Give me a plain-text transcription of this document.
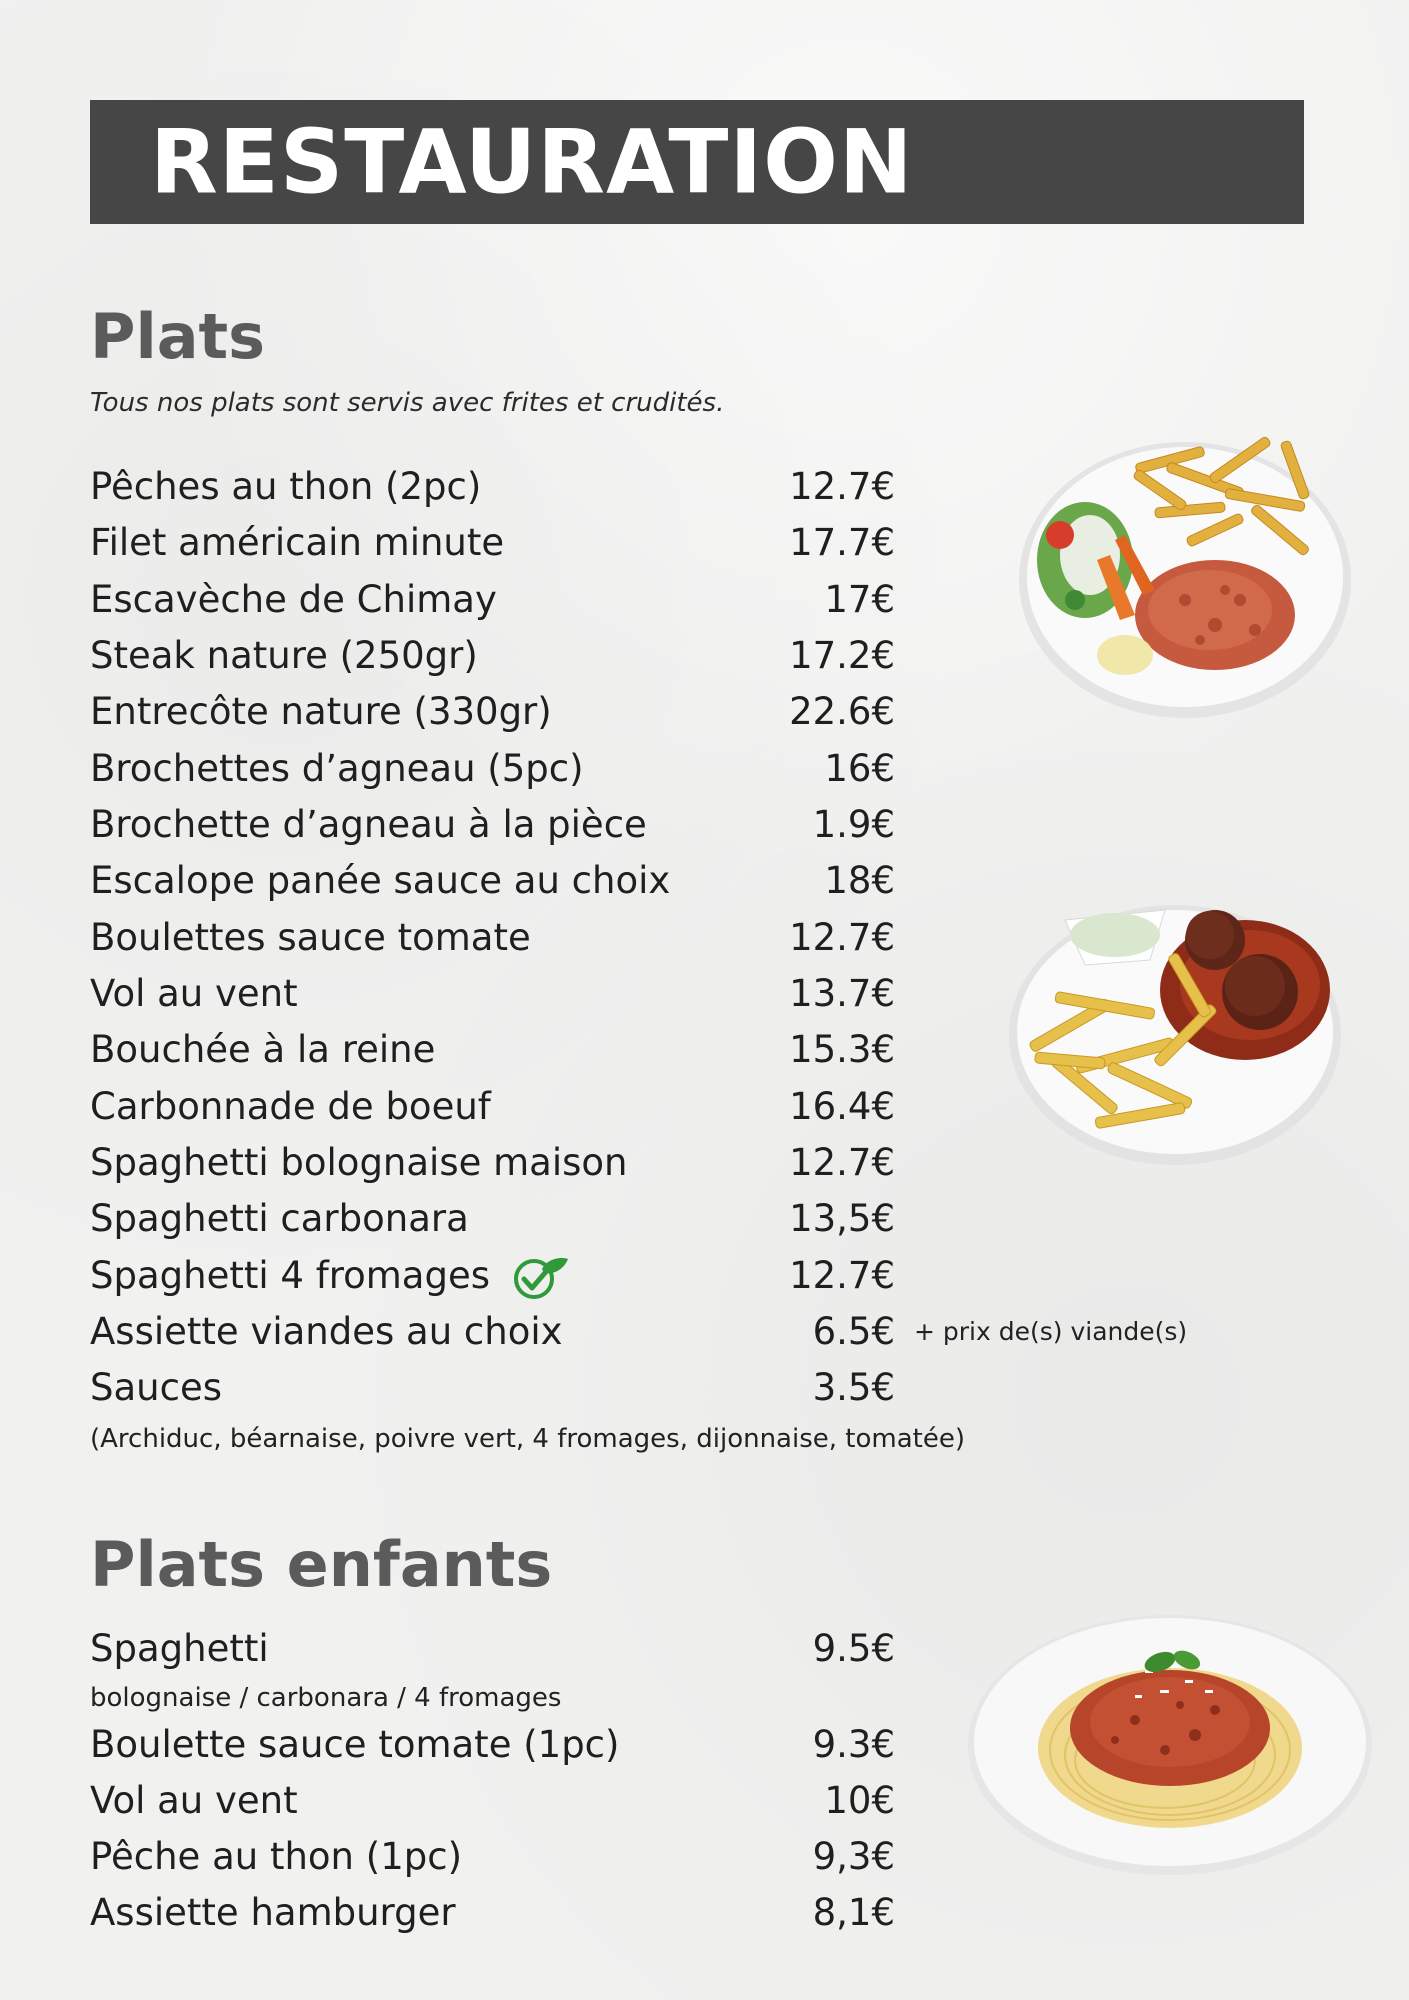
RESTAURATION
Plats
Tous nos plats sont servis avec frites et crudités.
Pêches au thon (2pc)	12.7€
Filet américain minute	17.7€
Escavèche de Chimay	17€
Steak nature (250gr)	17.2€
Entrecôte nature (330gr)	22.6€
Brochettes d’agneau (5pc)	16€
Brochette d’agneau à la pièce	1.9€
Escalope panée sauce au choix	18€
Boulettes sauce tomate	12.7€
Vol au vent	13.7€
Bouchée à la reine	15.3€
Carbonnade de boeuf	16.4€
Spaghetti bolognaise maison	12.7€
Spaghetti carbonara	13,5€
Spaghetti 4 fromages	12.7€
Assiette viandes au choix	6.5€ + prix de(s) viande(s)
Sauces	3.5€
(Archiduc, béarnaise, poivre vert, 4 fromages, dijonnaise, tomatée)
Plats enfants
Spaghetti	9.5€
bolognaise / carbonara / 4 fromages
Boulette sauce tomate (1pc)	9.3€
Vol au vent	10€
Pêche au thon (1pc)	9,3€
Assiette hamburger	8,1€
